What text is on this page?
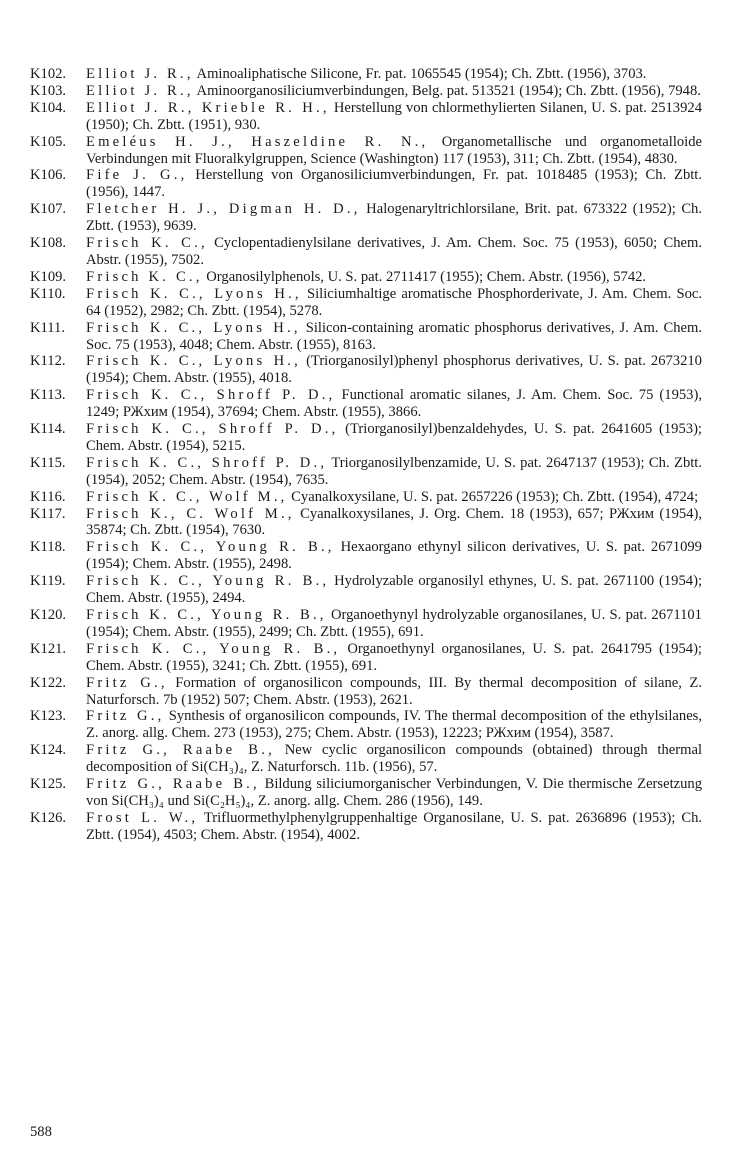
K102. Elliot J. R., Aminoaliphatische Silicone, Fr. pat. 1065545 (1954); Ch. Zbtt. (1956), 3703.

K103. Elliot J. R., Aminoorganosiliciumverbindungen, Belg. pat. 513521 (1954); Ch. Zbtt. (1956), 7948.

K104. Elliot J. R., Krieble R. H., Herstellung von chlormethylierten Silanen, U. S. pat. 2513924 (1950); Ch. Zbtt. (1951), 930.

K105. Emeléus H. J., Haszeldine R. N., Organometallische und organometalloide Verbindungen mit Fluoralkylgruppen, Science (Washington) 117 (1953), 311; Ch. Zbtt. (1954), 4830.

K106. Fife J. G., Herstellung von Organosiliciumverbindungen, Fr. pat. 1018485 (1953); Ch. Zbtt. (1956), 1447.

K107. Fletcher H. J., Digman H. D., Halogenaryltrichlorsilane, Brit. pat. 673322 (1952); Ch. Zbtt. (1953), 9639.

K108. Frisch K. C., Cyclopentadienylsilane derivatives, J. Am. Chem. Soc. 75 (1953), 6050; Chem. Abstr. (1955), 7502.

K109. Frisch K. C., Organosilylphenols, U. S. pat. 2711417 (1955); Chem. Abstr. (1956), 5742.

K110. Frisch K. C., Lyons H., Siliciumhaltige aromatische Phosphorderivate, J. Am. Chem. Soc. 64 (1952), 2982; Ch. Zbtt. (1954), 5278.

K111. Frisch K. C., Lyons H., Silicon-containing aromatic phosphorus derivatives, J. Am. Chem. Soc. 75 (1953), 4048; Chem. Abstr. (1955), 8163.

K112. Frisch K. C., Lyons H., (Triorganosilyl)phenyl phosphorus derivatives, U. S. pat. 2673210 (1954); Chem. Abstr. (1955), 4018.

K113. Frisch K. C., Shroff P. D., Functional aromatic silanes, J. Am. Chem. Soc. 75 (1953), 1249; РЖхим (1954), 37694; Chem. Abstr. (1955), 3866.

K114. Frisch K. C., Shroff P. D., (Triorganosilyl)benzaldehydes, U. S. pat. 2641605 (1953); Chem. Abstr. (1954), 5215.

K115. Frisch K. C., Shroff P. D., Triorganosilylbenzamide, U. S. pat. 2647137 (1953); Ch. Zbtt. (1954), 2052; Chem. Abstr. (1954), 7635.

K116. Frisch K. C., Wolf M., Cyanalkoxysilane, U. S. pat. 2657226 (1953); Ch. Zbtt. (1954), 4724;

K117. Frisch K., C. Wolf M., Cyanalkoxysilanes, J. Org. Chem. 18 (1953), 657; РЖхим (1954), 35874; Ch. Zbtt. (1954), 7630.

K118. Frisch K. C., Young R. B., Hexaorgano ethynyl silicon derivatives, U. S. pat. 2671099 (1954); Chem. Abstr. (1955), 2498.

K119. Frisch K. C., Young R. B., Hydrolyzable organosilyl ethynes, U. S. pat. 2671100 (1954); Chem. Abstr. (1955), 2494.

K120. Frisch K. C., Young R. B., Organoethynyl hydrolyzable organosilanes, U. S. pat. 2671101 (1954); Chem. Abstr. (1955), 2499; Ch. Zbtt. (1955), 691.

K121. Frisch K. C., Young R. B., Organoethynyl organosilanes, U. S. pat. 2641795 (1954); Chem. Abstr. (1955), 3241; Ch. Zbtt. (1955), 691.

K122. Fritz G., Formation of organosilicon compounds, III. By thermal decomposition of silane, Z. Naturforsch. 7b (1952) 507; Chem. Abstr. (1953), 2621.

K123. Fritz G., Synthesis of organosilicon compounds, IV. The thermal decomposition of the ethylsilanes, Z. anorg. allg. Chem. 273 (1953), 275; Chem. Abstr. (1953), 12223; РЖхим (1954), 3587.

K124. Fritz G., Raabe B., New cyclic organosilicon compounds (obtained) through thermal decomposition of Si(CH₃)₄, Z. Naturforsch. 11b. (1956), 57.

K125. Fritz G., Raabe B., Bildung siliciumorganischer Verbindungen, V. Die thermische Zersetzung von Si(CH₃)₄ und Si(C₂H₅)₄, Z. anorg. allg. Chem. 286 (1956), 149.

K126. Frost L. W., Trifluormethylphenylgruppenhaltige Organosilane, U. S. pat. 2636896 (1953); Ch. Zbtt. (1954), 4503; Chem. Abstr. (1954), 4002.

588
